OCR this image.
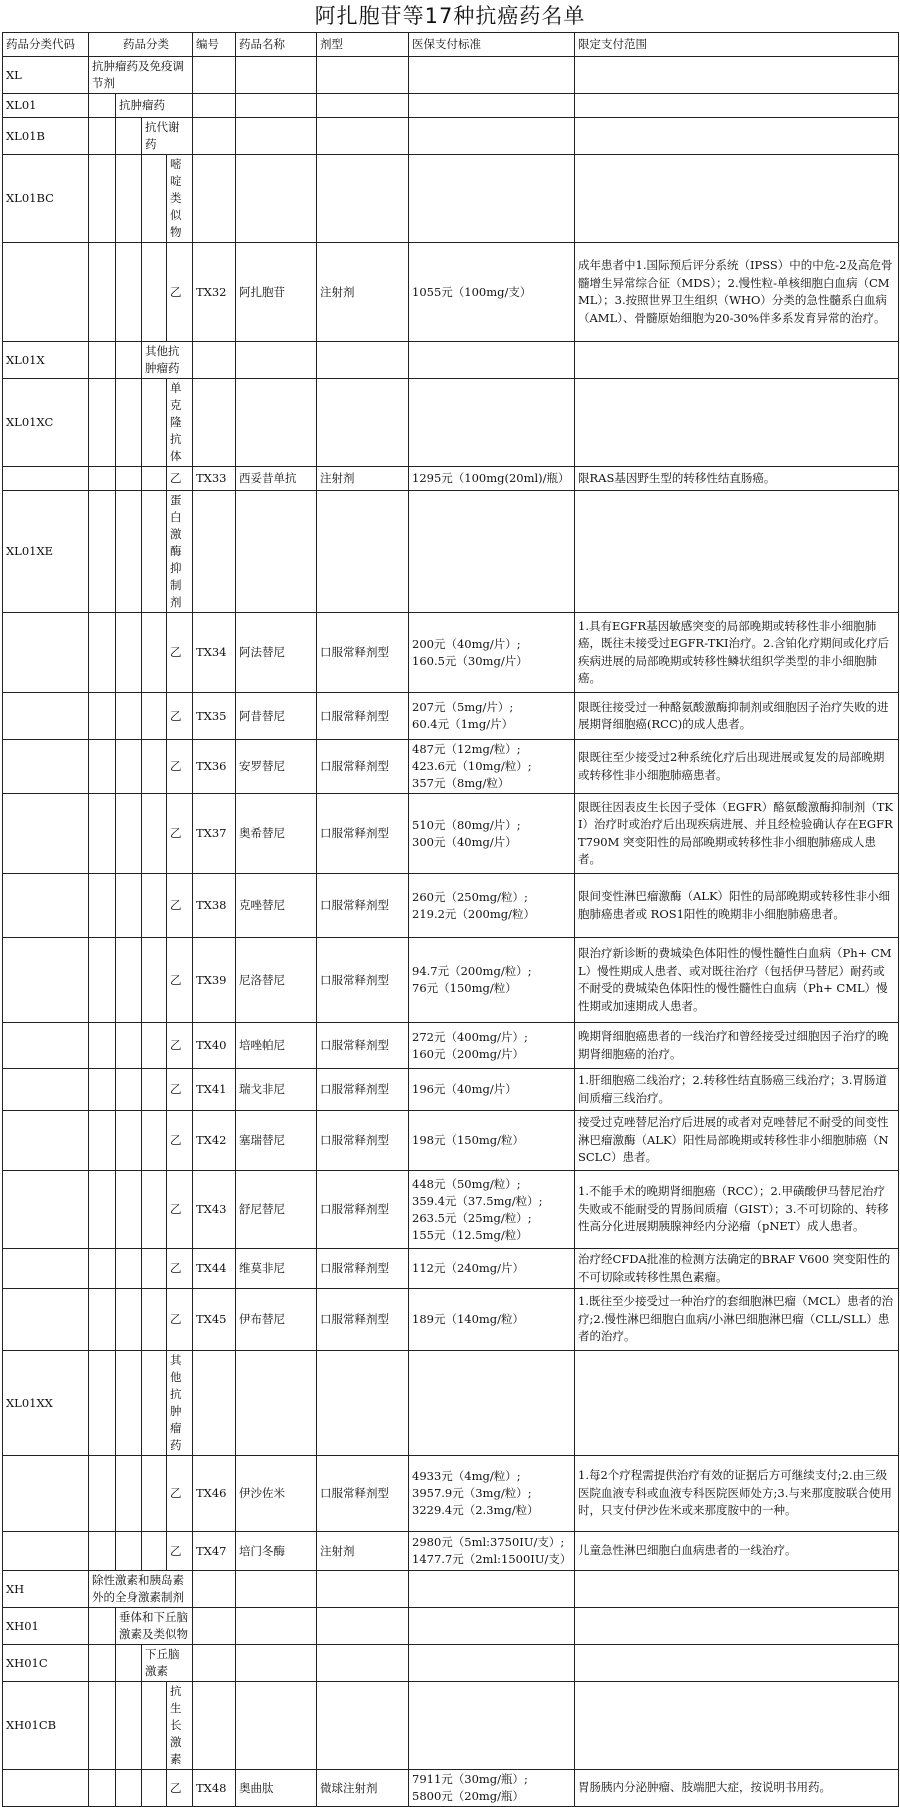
阿扎胞苷等17种抗癌药名单
药品分类代码	药品分类				编号	药品名称	剂型	医保支付标准	限定支付范围
XL	抗肿瘤药及免疫调节剂								
XL01		抗肿瘤药							
XL01B			抗代谢药						
XL01BC				嘧啶类似物					
				乙	TX32	阿扎胞苷	注射剂	1055元（100mg/支）	成年患者中1.国际预后评分系统（IPSS）中的中危-2及高危骨髓增生异常综合征（MDS）；2.慢性粒-单核细胞白血病（CMML）；3.按照世界卫生组织（WHO）分类的急性髓系白血病（AML）、骨髓原始细胞为20-30%伴多系发育异常的治疗。
XL01X			其他抗肿瘤药						
XL01XC				单克隆抗体					
				乙	TX33	西妥昔单抗	注射剂	1295元（100mg(20ml)/瓶）	限RAS基因野生型的转移性结直肠癌。
XL01XE				蛋白激酶抑制剂					
				乙	TX34	阿法替尼	口服常释剂型	200元（40mg/片）;
160.5元（30mg/片）	1.具有EGFR基因敏感突变的局部晚期或转移性非小细胞肺癌，既往未接受过EGFR-TKI治疗。2.含铂化疗期间或化疗后疾病进展的局部晚期或转移性鳞状组织学类型的非小细胞肺癌。
				乙	TX35	阿昔替尼	口服常释剂型	207元（5mg/片）;
60.4元（1mg/片）	限既往接受过一种酪氨酸激酶抑制剂或细胞因子治疗失败的进展期肾细胞癌(RCC)的成人患者。
				乙	TX36	安罗替尼	口服常释剂型	487元（12mg/粒）;
423.6元（10mg/粒）;
357元（8mg/粒）	限既往至少接受过2种系统化疗后出现进展或复发的局部晚期或转移性非小细胞肺癌患者。
				乙	TX37	奥希替尼	口服常释剂型	510元（80mg/片）;
300元（40mg/片）	限既往因表皮生长因子受体（EGFR）酪氨酸激酶抑制剂（TKI）治疗时或治疗后出现疾病进展、并且经检验确认存在EGFR T790M 突变阳性的局部晚期或转移性非小细胞肺癌成人患者。
				乙	TX38	克唑替尼	口服常释剂型	260元（250mg/粒）;
219.2元（200mg/粒）	限间变性淋巴瘤激酶（ALK）阳性的局部晚期或转移性非小细胞肺癌患者或 ROS1阳性的晚期非小细胞肺癌患者。
				乙	TX39	尼洛替尼	口服常释剂型	94.7元（200mg/粒）;
76元（150mg/粒）	限治疗新诊断的费城染色体阳性的慢性髓性白血病（Ph+ CML）慢性期成人患者、或对既往治疗（包括伊马替尼）耐药或不耐受的费城染色体阳性的慢性髓性白血病（Ph+ CML）慢性期或加速期成人患者。
				乙	TX40	培唑帕尼	口服常释剂型	272元（400mg/片）;
160元（200mg/片）	晚期肾细胞癌患者的一线治疗和曾经接受过细胞因子治疗的晚期肾细胞癌的治疗。
				乙	TX41	瑞戈非尼	口服常释剂型	196元（40mg/片）	1.肝细胞癌二线治疗；2.转移性结直肠癌三线治疗；3.胃肠道间质瘤三线治疗。
				乙	TX42	塞瑞替尼	口服常释剂型	198元（150mg/粒）	接受过克唑替尼治疗后进展的或者对克唑替尼不耐受的间变性淋巴瘤激酶（ALK）阳性局部晚期或转移性非小细胞肺癌（NSCLC）患者。
				乙	TX43	舒尼替尼	口服常释剂型	448元（50mg/粒）;
359.4元（37.5mg/粒）;
263.5元（25mg/粒）;
155元（12.5mg/粒）	1.不能手术的晚期肾细胞癌（RCC）；2.甲磺酸伊马替尼治疗失败或不能耐受的胃肠间质瘤（GIST）；3.不可切除的、转移性高分化进展期胰腺神经内分泌瘤（pNET）成人患者。
				乙	TX44	维莫非尼	口服常释剂型	112元（240mg/片）	治疗经CFDA批准的检测方法确定的BRAF V600 突变阳性的不可切除或转移性黑色素瘤。
				乙	TX45	伊布替尼	口服常释剂型	189元（140mg/粒）	1.既往至少接受过一种治疗的套细胞淋巴瘤（MCL）患者的治疗;2.慢性淋巴细胞白血病/小淋巴细胞淋巴瘤（CLL/SLL）患者的治疗。
XL01XX				其他抗肿瘤药					
				乙	TX46	伊沙佐米	口服常释剂型	4933元（4mg/粒）;
3957.9元（3mg/粒）;
3229.4元（2.3mg/粒）	1.每2个疗程需提供治疗有效的证据后方可继续支付;2.由三级医院血液专科或血液专科医院医师处方;3.与来那度胺联合使用时，只支付伊沙佐米或来那度胺中的一种。
				乙	TX47	培门冬酶	注射剂	2980元（5ml:3750IU/支）;
1477.7元（2ml:1500IU/支）	儿童急性淋巴细胞白血病患者的一线治疗。
XH	除性激素和胰岛素外的全身激素制剂								
XH01		垂体和下丘脑激素及类似物							
XH01C			下丘脑激素						
XH01CB				抗生长激素					
				乙	TX48	奥曲肽	微球注射剂	7911元（30mg/瓶）;
5800元（20mg/瓶）	胃肠胰内分泌肿瘤、肢端肥大症，按说明书用药。
